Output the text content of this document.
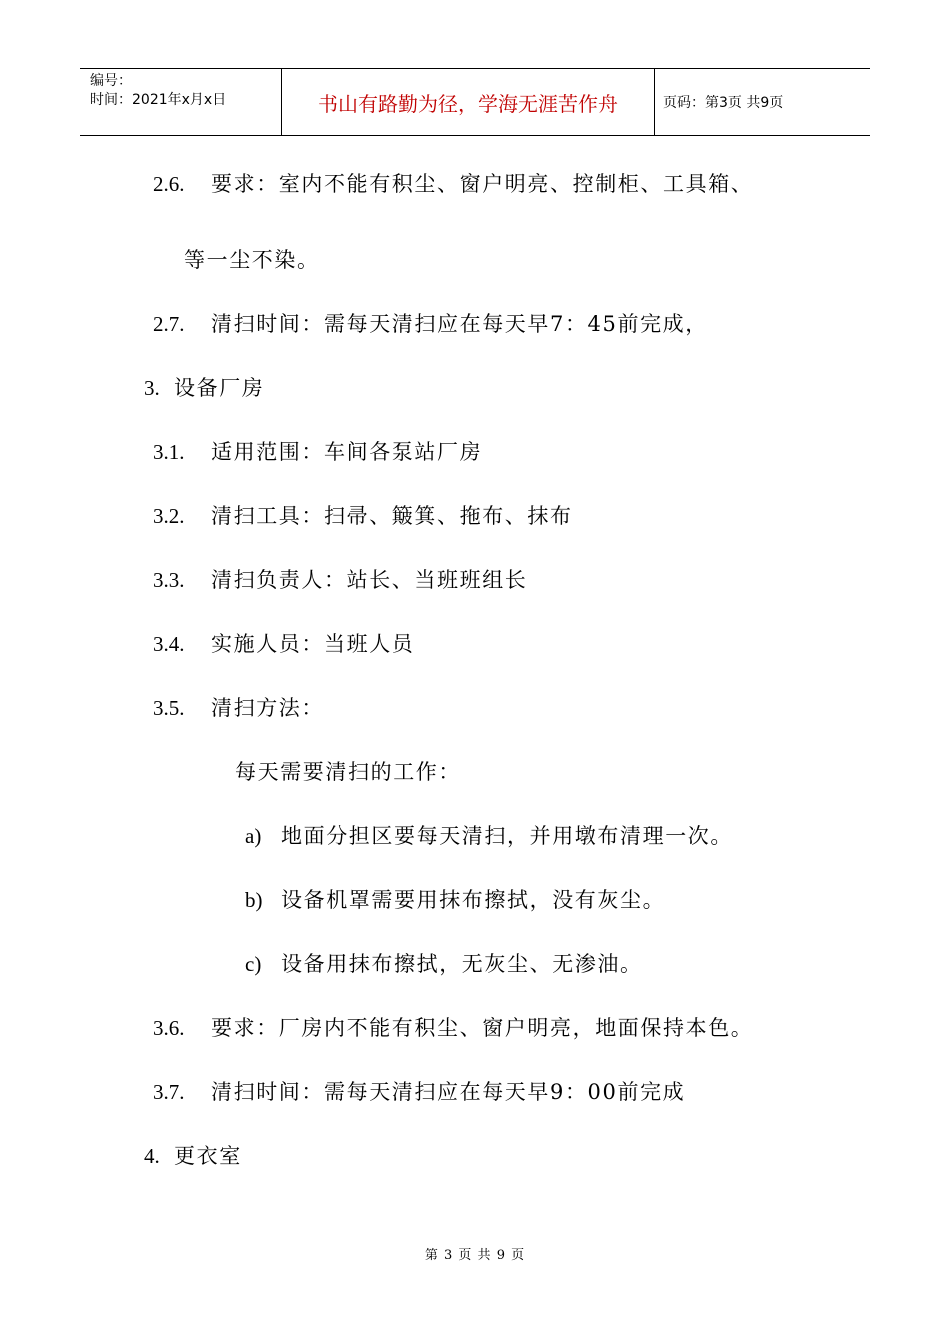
编号：
时间：2021年x月x日	书山有路勤为径，学海无涯苦作舟	页码：第3页 共9页
2.6. 要求：室内不能有积尘、窗户明亮、控制柜、工具箱、
等一尘不染。
2.7. 清扫时间：需每天清扫应在每天早7：45前完成，
3. 设备厂房
3.1. 适用范围：车间各泵站厂房
3.2. 清扫工具：扫帚、簸箕、拖布、抹布
3.3. 清扫负责人：站长、当班班组长
3.4. 实施人员：当班人员
3.5. 清扫方法：
每天需要清扫的工作：
a) 地面分担区要每天清扫，并用墩布清理一次。
b) 设备机罩需要用抹布擦拭，没有灰尘。
c) 设备用抹布擦拭，无灰尘、无渗油。
3.6. 要求：厂房内不能有积尘、窗户明亮，地面保持本色。
3.7. 清扫时间：需每天清扫应在每天早9：00前完成
4. 更衣室
第 3 页 共 9 页
